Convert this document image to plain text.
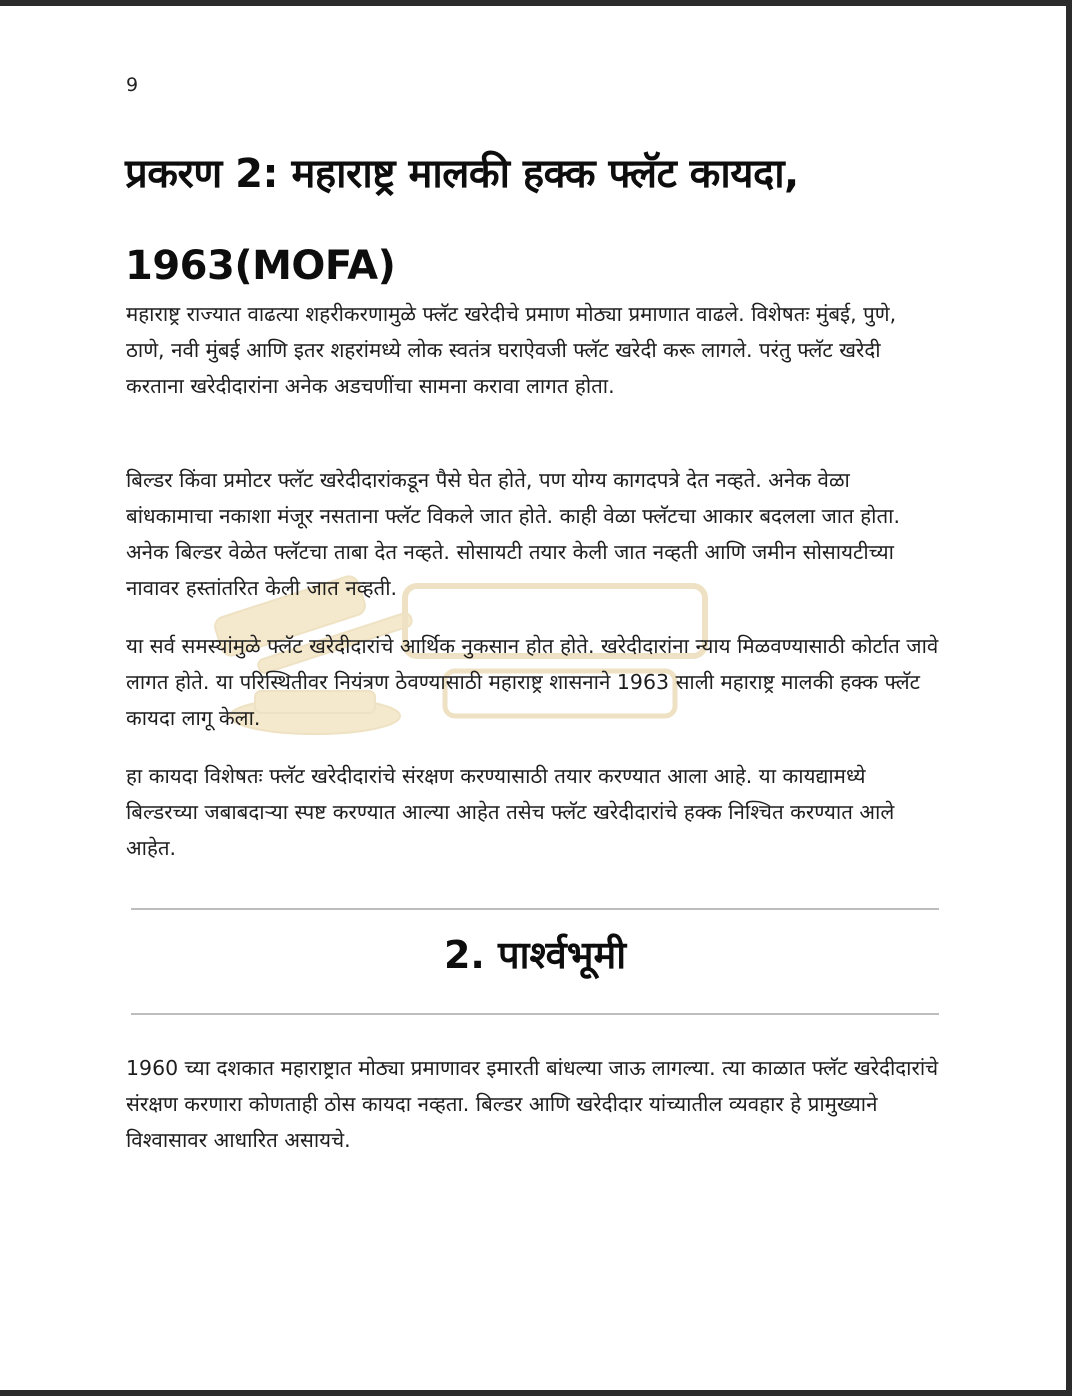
9
प्रकरण 2: महाराष्ट्र मालकी हक्क फ्लॅट कायदा, 1963(MOFA)

महाराष्ट्र राज्यात वाढत्या शहरीकरणामुळे फ्लॅट खरेदीचे प्रमाण मोठ्या प्रमाणात वाढले. विशेषतः मुंबई, पुणे, ठाणे, नवी मुंबई आणि इतर शहरांमध्ये लोक स्वतंत्र घराऐवजी फ्लॅट खरेदी करू लागले. परंतु फ्लॅट खरेदी करताना खरेदीदारांना अनेक अडचणींचा सामना करावा लागत होता.

बिल्डर किंवा प्रमोटर फ्लॅट खरेदीदारांकडून पैसे घेत होते, पण योग्य कागदपत्रे देत नव्हते. अनेक वेळा बांधकामाचा नकाशा मंजूर नसताना फ्लॅट विकले जात होते. काही वेळा फ्लॅटचा आकार बदलला जात होता. अनेक बिल्डर वेळेत फ्लॅटचा ताबा देत नव्हते. सोसायटी तयार केली जात नव्हती आणि जमीन सोसायटीच्या नावावर हस्तांतरित केली जात नव्हती.

या सर्व समस्यांमुळे फ्लॅट खरेदीदारांचे आर्थिक नुकसान होत होते. खरेदीदारांना न्याय मिळवण्यासाठी कोर्टात जावे लागत होते. या परिस्थितीवर नियंत्रण ठेवण्यासाठी महाराष्ट्र शासनाने 1963 साली महाराष्ट्र मालकी हक्क फ्लॅट कायदा लागू केला.

हा कायदा विशेषतः फ्लॅट खरेदीदारांचे संरक्षण करण्यासाठी तयार करण्यात आला आहे. या कायद्यामध्ये बिल्डरच्या जबाबदाऱ्या स्पष्ट करण्यात आल्या आहेत तसेच फ्लॅट खरेदीदारांचे हक्क निश्चित करण्यात आले आहेत.

2. पार्श्वभूमी

1960 च्या दशकात महाराष्ट्रात मोठ्या प्रमाणावर इमारती बांधल्या जाऊ लागल्या. त्या काळात फ्लॅट खरेदीदारांचे संरक्षण करणारा कोणताही ठोस कायदा नव्हता. बिल्डर आणि खरेदीदार यांच्यातील व्यवहार हे प्रामुख्याने विश्वासावर आधारित असायचे.
